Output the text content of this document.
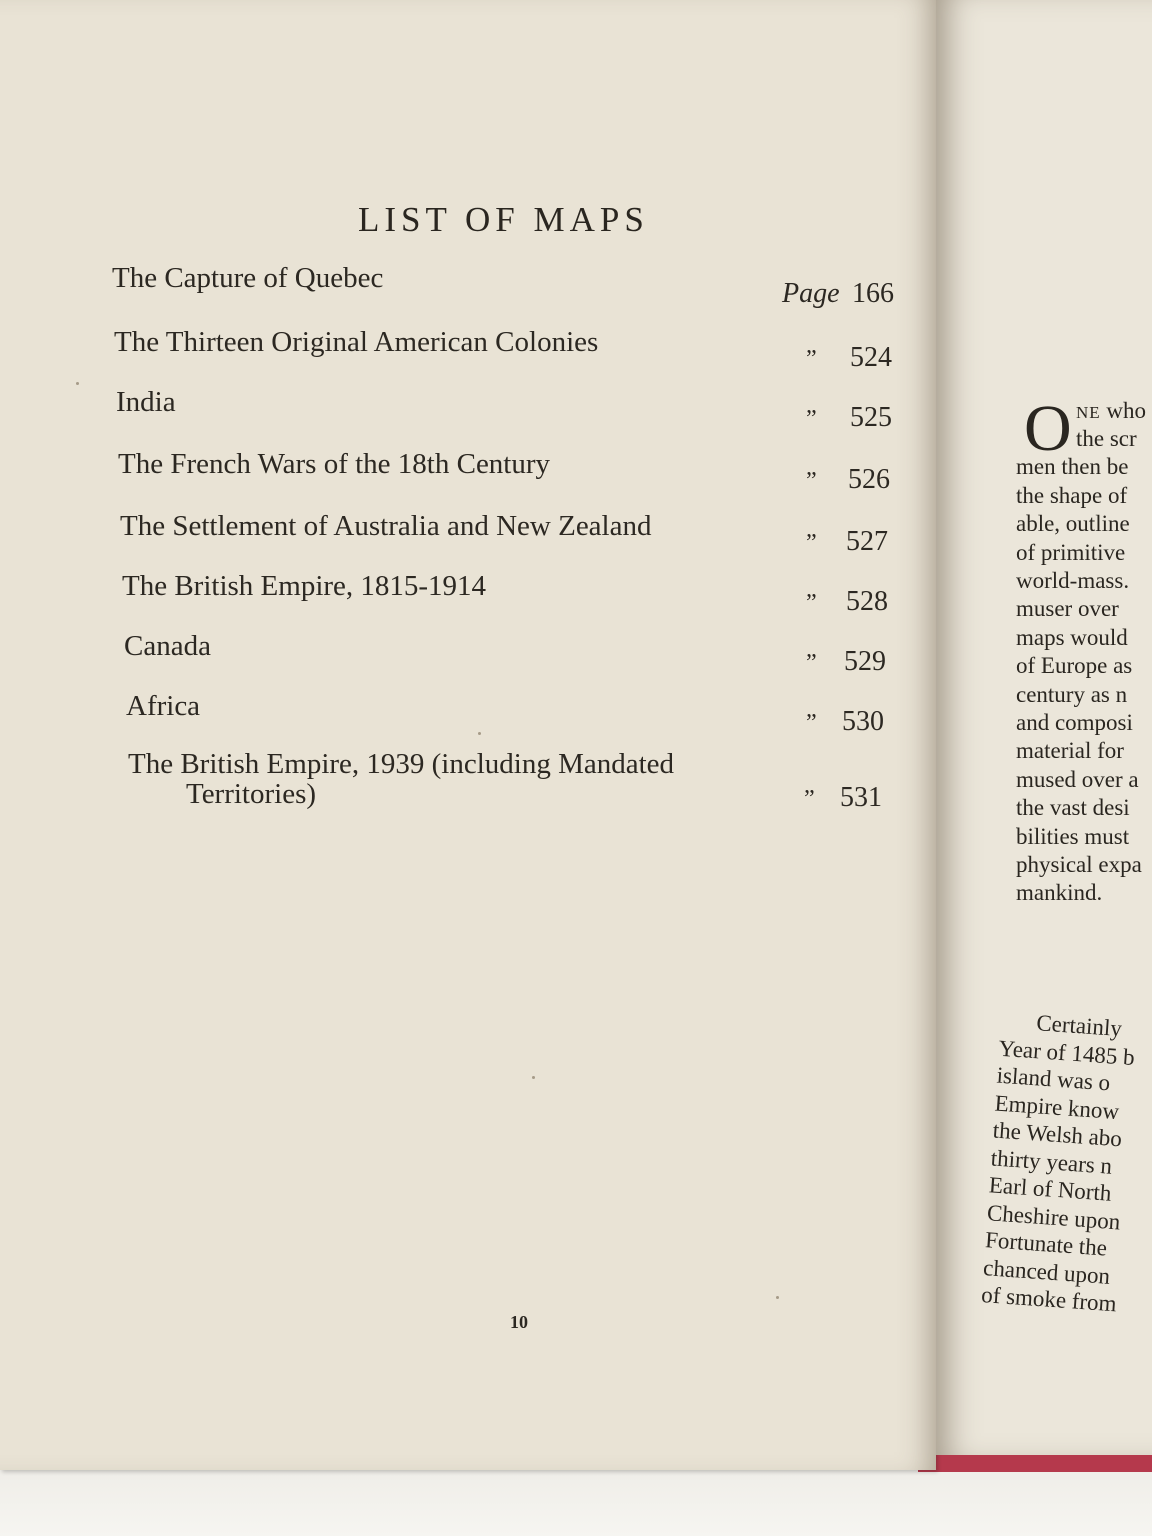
LIST OF MAPS
The Capture of Quebec	Page 166
The Thirteen Original American Colonies
” 524
India
” 525
The French Wars of the 18th Century
” 526
The Settlement of Australia and New Zealand
” 527
The British Empire, 1815-1914
” 528
Canada
” 529
Africa
” 530
The British Empire, 1939 (including Mandated
Territories)	” 531
10
O NE who
the scr
men then be
the shape of
able, outline
of primitive
world-mass.
muser over
maps would
of Europe as
century as n
and composi
material for
mused over a
the vast desi
bilities must
physical expa
mankind.
Certainly
Year of 1485 b
island was o
Empire know
the Welsh abo
thirty years n
Earl of North
Cheshire upon
Fortunate the
chanced upon
of smoke from
